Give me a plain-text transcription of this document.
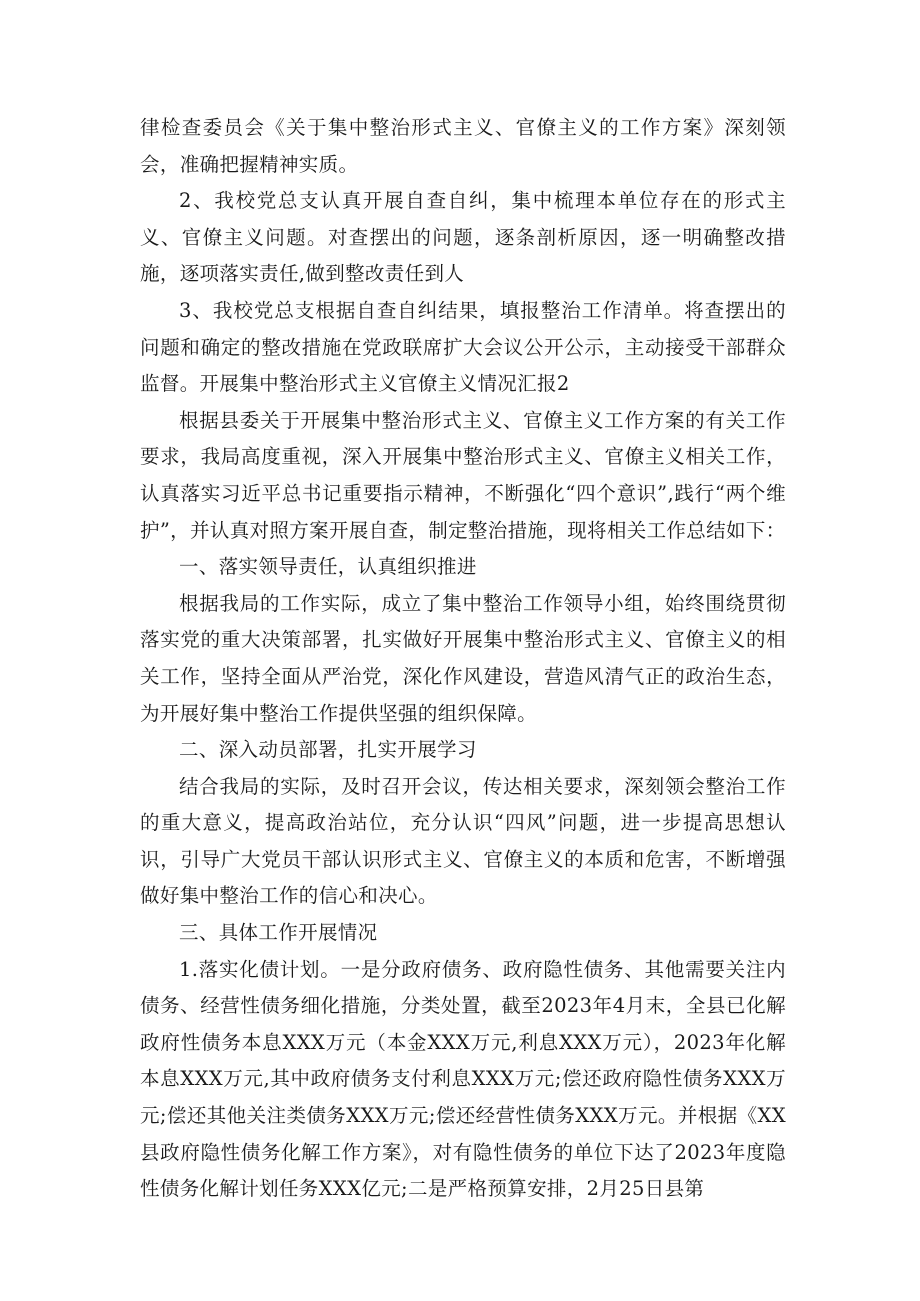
律检查委员会《关于集中整治形式主义、官僚主义的工作方案》深刻领会，准确把握精神实质。

2、我校党总支认真开展自查自纠，集中梳理本单位存在的形式主义、官僚主义问题。对查摆出的问题，逐条剖析原因，逐一明确整改措施，逐项落实责任,做到整改责任到人

3、我校党总支根据自查自纠结果，填报整治工作清单。将查摆出的问题和确定的整改措施在党政联席扩大会议公开公示，主动接受干部群众监督。开展集中整治形式主义官僚主义情况汇报2

根据县委关于开展集中整治形式主义、官僚主义工作方案的有关工作要求，我局高度重视，深入开展集中整治形式主义、官僚主义相关工作，认真落实习近平总书记重要指示精神，不断强化“四个意识”,践行“两个维护”，并认真对照方案开展自查，制定整治措施，现将相关工作总结如下：

一、落实领导责任，认真组织推进

根据我局的工作实际，成立了集中整治工作领导小组，始终围绕贯彻落实党的重大决策部署，扎实做好开展集中整治形式主义、官僚主义的相关工作，坚持全面从严治党，深化作风建设，营造风清气正的政治生态，为开展好集中整治工作提供坚强的组织保障。

二、深入动员部署，扎实开展学习

结合我局的实际，及时召开会议，传达相关要求，深刻领会整治工作的重大意义，提高政治站位，充分认识“四风”问题，进一步提高思想认识，引导广大党员干部认识形式主义、官僚主义的本质和危害，不断增强做好集中整治工作的信心和决心。

三、具体工作开展情况

1.落实化债计划。一是分政府债务、政府隐性债务、其他需要关注内债务、经营性债务细化措施，分类处置，截至2023年4月末，全县已化解政府性债务本息XXX万元（本金XXX万元,利息XXX万元），2023年化解本息XXX万元,其中政府债务支付利息XXX万元;偿还政府隐性债务XXX万元;偿还其他关注类债务XXX万元;偿还经营性债务XXX万元。并根据《XX县政府隐性债务化解工作方案》，对有隐性债务的单位下达了2023年度隐性债务化解计划任务XXX亿元;二是严格预算安排，2月25日县第
